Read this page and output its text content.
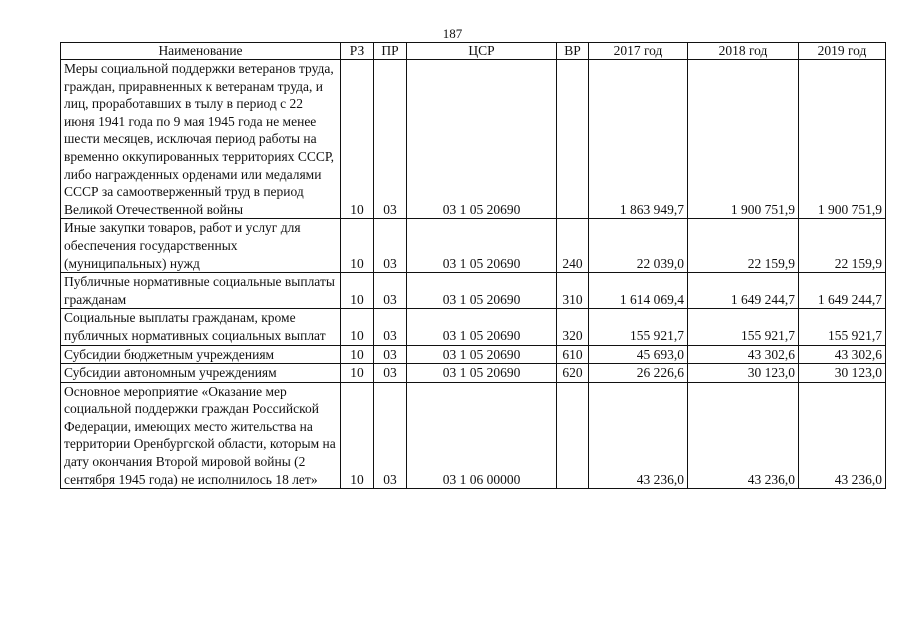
187
Наименование	РЗ	ПР	ЦСР	ВР	2017 год	2018 год	2019 год
Меры социальной поддержки ветеранов труда, граждан, приравненных к ветеранам труда, и лиц, проработавших в тылу в период с 22 июня 1941 года по 9 мая 1945 года не менее шести месяцев, исключая период работы на временно оккупированных территориях СССР, либо награжденных орденами или медалями СССР за самоотверженный труд в период Великой Отечественной войны	10	03	03 1 05 20690		1 863 949,7	1 900 751,9	1 900 751,9
Иные закупки товаров, работ и услуг для обеспечения государственных (муниципальных) нужд	10	03	03 1 05 20690	240	22 039,0	22 159,9	22 159,9
Публичные нормативные социальные выплаты гражданам	10	03	03 1 05 20690	310	1 614 069,4	1 649 244,7	1 649 244,7
Социальные выплаты гражданам, кроме публичных нормативных социальных выплат	10	03	03 1 05 20690	320	155 921,7	155 921,7	155 921,7
Субсидии бюджетным учреждениям	10	03	03 1 05 20690	610	45 693,0	43 302,6	43 302,6
Субсидии автономным учреждениям	10	03	03 1 05 20690	620	26 226,6	30 123,0	30 123,0
Основное мероприятие «Оказание мер социальной поддержки граждан Российской Федерации, имеющих место жительства на территории Оренбургской области, которым на дату окончания Второй мировой войны (2 сентября 1945 года) не исполнилось 18 лет»	10	03	03 1 06 00000		43 236,0	43 236,0	43 236,0
